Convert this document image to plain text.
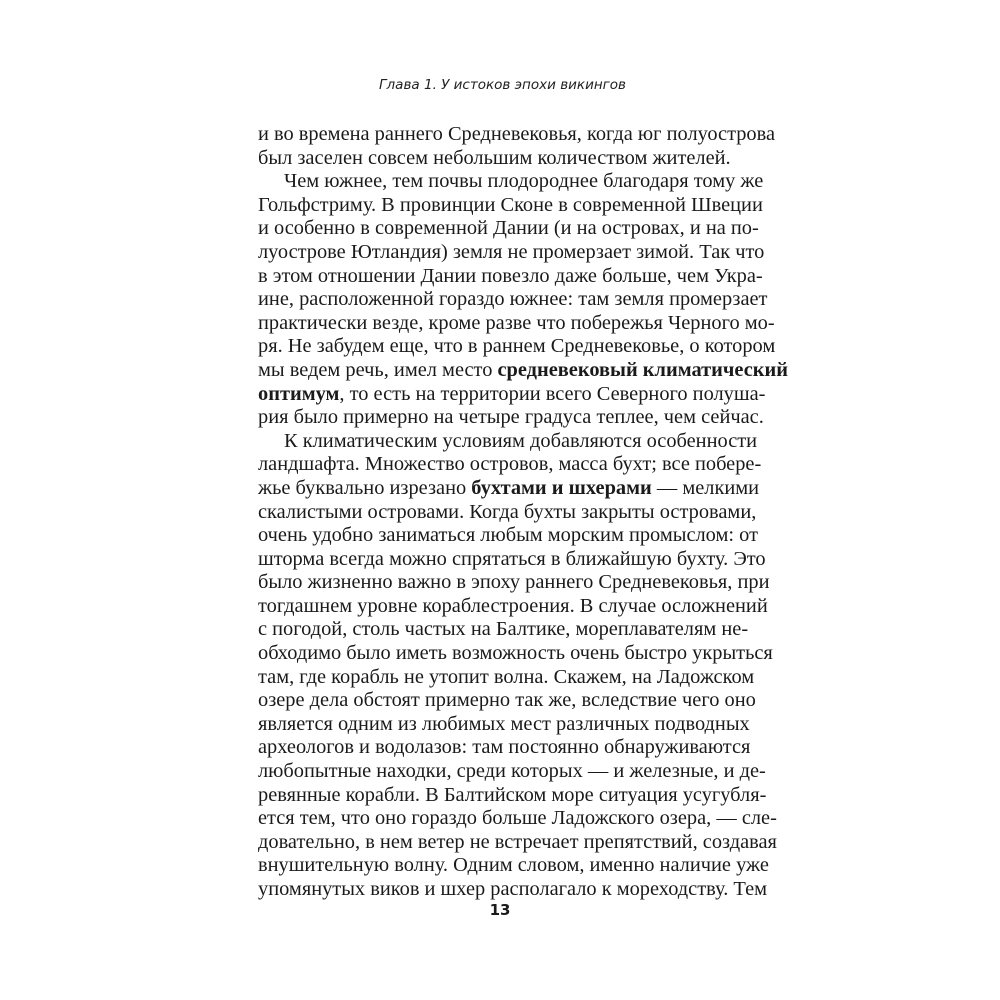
Глава 1. У истоков эпохи викингов
и во времена раннего Средневековья, когда юг полуострова
был заселен совсем небольшим количеством жителей.
Чем южнее, тем почвы плодороднее благодаря тому же
Гольфстриму. В провинции Сконе в современной Швеции
и особенно в современной Дании (и на островах, и на по-
луострове Ютландия) земля не промерзает зимой. Так что
в этом отношении Дании повезло даже больше, чем Укра-
ине, расположенной гораздо южнее: там земля промерзает
практически везде, кроме разве что побережья Черного мо-
ря. Не забудем еще, что в раннем Средневековье, о котором
мы ведем речь, имел место средневековый климатический
оптимум, то есть на территории всего Северного полуша-
рия было примерно на четыре градуса теплее, чем сейчас.
К климатическим условиям добавляются особенности
ландшафта. Множество островов, масса бухт; все побере-
жье буквально изрезано бухтами и шхерами — мелкими
скалистыми островами. Когда бухты закрыты островами,
очень удобно заниматься любым морским промыслом: от
шторма всегда можно спрятаться в ближайшую бухту. Это
было жизненно важно в эпоху раннего Средневековья, при
тогдашнем уровне кораблестроения. В случае осложнений
с погодой, столь частых на Балтике, мореплавателям не-
обходимо было иметь возможность очень быстро укрыться
там, где корабль не утопит волна. Скажем, на Ладожском
озере дела обстоят примерно так же, вследствие чего оно
является одним из любимых мест различных подводных
археологов и водолазов: там постоянно обнаруживаются
любопытные находки, среди которых — и железные, и де-
ревянные корабли. В Балтийском море ситуация усугубля-
ется тем, что оно гораздо больше Ладожского озера, — сле-
довательно, в нем ветер не встречает препятствий, создавая
внушительную волну. Одним словом, именно наличие уже
упомянутых виков и шхер располагало к мореходству. Тем
13
